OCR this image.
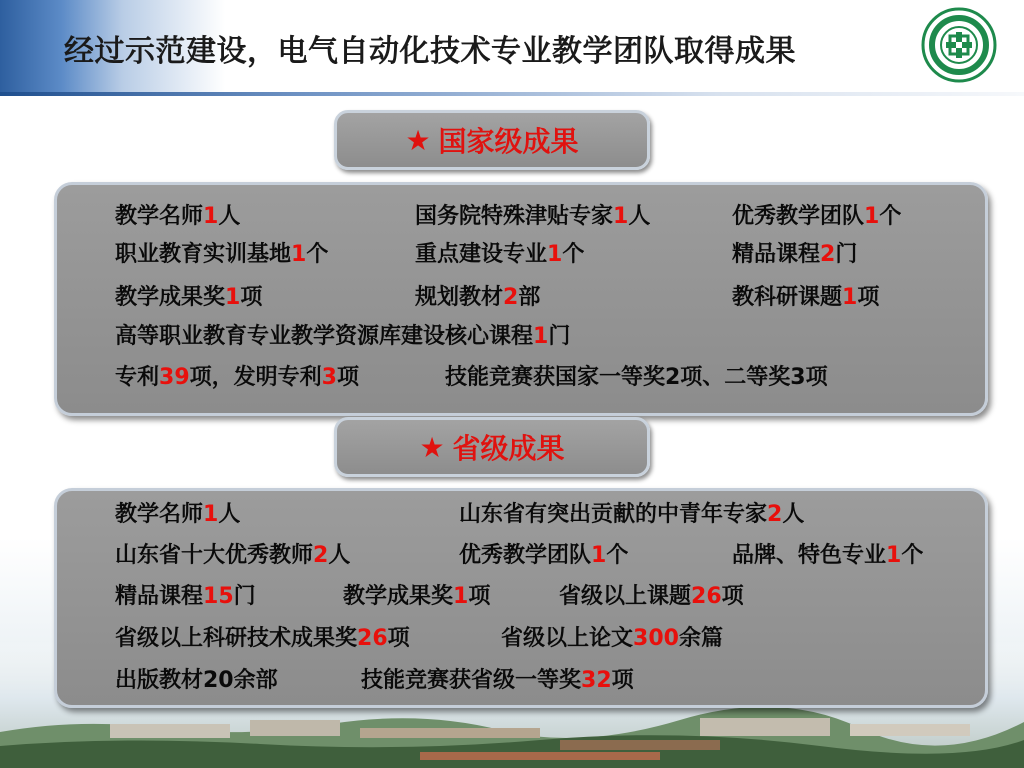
经过示范建设，电气自动化技术专业教学团队取得成果
★ 国家级成果
教学名师1人	国务院特殊津贴专家1人	优秀教学团队1个
职业教育实训基地1个	重点建设专业1个	精品课程2门
教学成果奖1项	规划教材2部	教科研课题1项
高等职业教育专业教学资源库建设核心课程1门
专利39项，发明专利3项	技能竞赛获国家一等奖2项、二等奖3项
★ 省级成果
教学名师1人	山东省有突出贡献的中青年专家2人
山东省十大优秀教师2人	优秀教学团队1个	品牌、特色专业1个
精品课程15门	教学成果奖1项	省级以上课题26项
省级以上科研技术成果奖26项	省级以上论文300余篇
出版教材20余部	技能竞赛获省级一等奖32项
